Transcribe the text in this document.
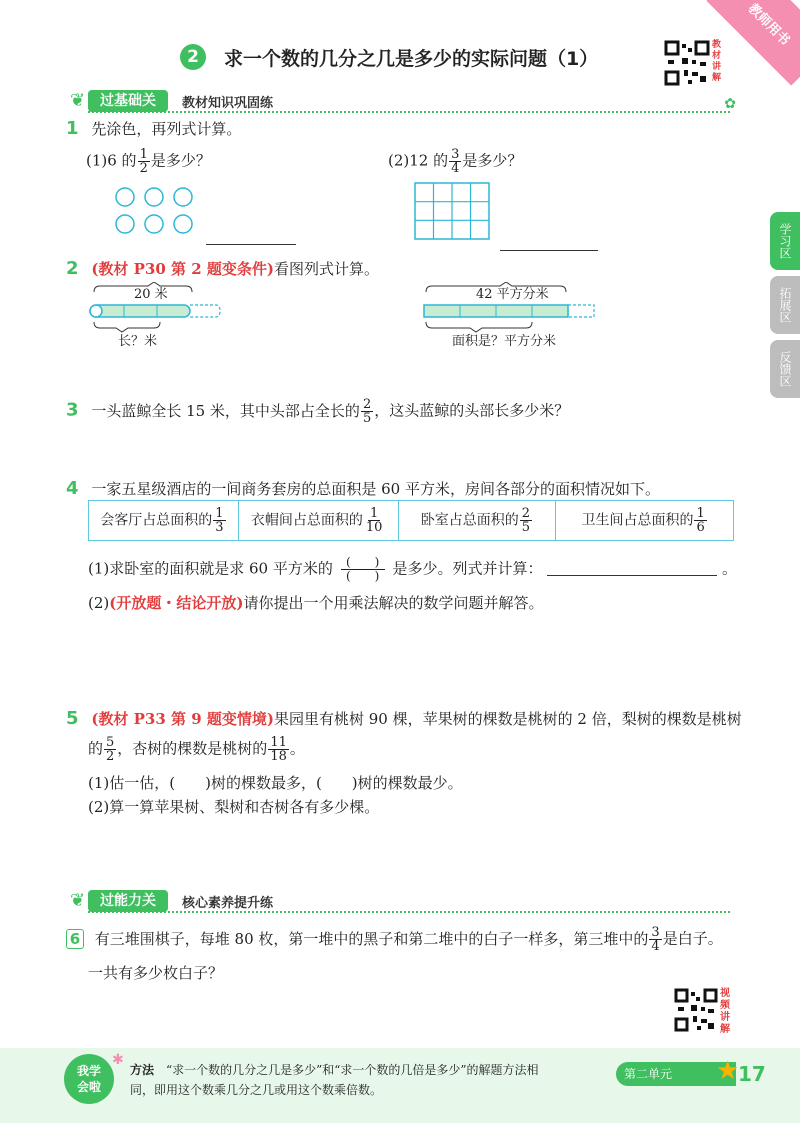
教师用书
2	求一个数的几分之几是多少的实际问题（1）
教
材
讲
解
❦	过基础关	教材知识巩固练	✿
学习区
拓展区
反馈区
1 先涂色，再列式计算。
(1)6 的 $\frac{1}{2}$ 是多少？	(2)12 的 $\frac{3}{4}$ 是多少？
2 (教材 P30 第 2 题变条件)看图列式计算。
20 米
长？米
42 平方分米
面积是？平方分米
3 一头蓝鲸全长 15 米，其中头部占全长的 $\frac{2}{5}$ ，这头蓝鲸的头部长多少米？
4 一家五星级酒店的一间商务套房的总面积是 60 平方米，房间各部分的面积情况如下。
会客厅占总面积的 $\frac{1}{3}$	衣帽间占总面积的 $\frac{1}{10}$	卧室占总面积的 $\frac{2}{5}$	卫生间占总面积的 $\frac{1}{6}$
(1)求卧室的面积就是求 60 平方米的	(　　)
(　　) 是多少。列式并计算：	。
(2)(开放题・结论开放)请你提出一个用乘法解决的数学问题并解答。
5 (教材 P33 第 9 题变情境)果园里有桃树 90 棵，苹果树的棵数是桃树的 2 倍，梨树的棵数是桃树
的 $\frac{5}{2}$ ，杏树的棵数是桃树的 $\frac{11}{18}$ 。
(1)估一估，(　　)树的棵数最多，(　　)树的棵数最少。
(2)算一算苹果树、梨树和杏树各有多少棵。
❦	过能力关	核心素养提升练
6 有三堆围棋子，每堆 80 枚，第一堆中的黑子和第二堆中的白子一样多，第三堆中的 $\frac{3}{4}$ 是白子。
一共有多少枚白子？
视
频
讲
解
我学
会啦
✱
方法 “求一个数的几分之几是多少”和“求一个数的几倍是多少”的解题方法相
同，即用这个数乘几分之几或用这个数乘倍数。
第二单元	★
17
